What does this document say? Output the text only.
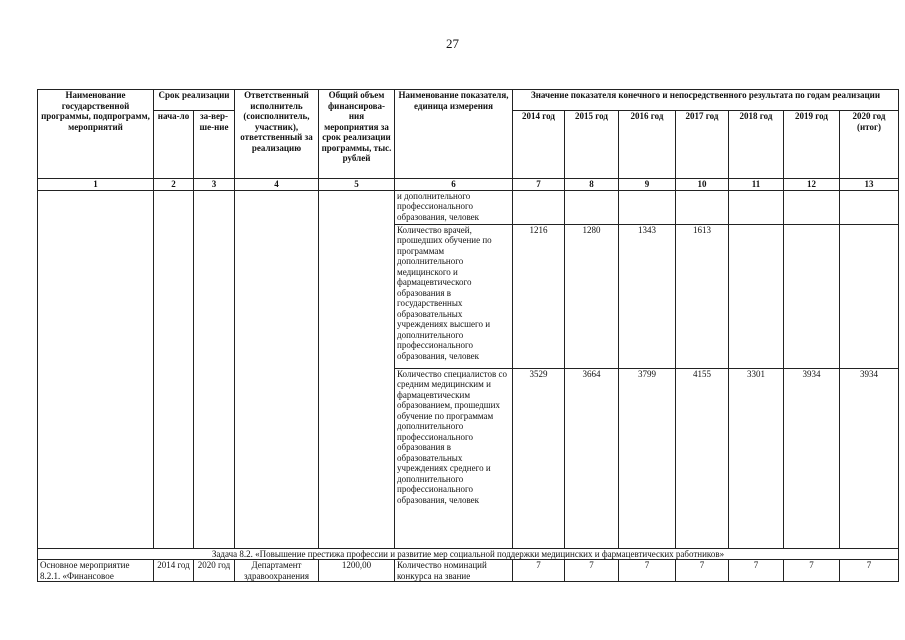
27
Наименование государственной программы, подпрограмм, мероприятий	Срок реализации		Ответственный исполнитель (соисполнитель, участник), ответственный за реализацию	Общий объем финансирова-ния мероприятия за срок реализации программы, тыс. рублей	Наименование показателя, единица измерения	Значение показателя конечного и непосредственного результата по годам реализации						
	нача-ло	за-вер-ше-ние				2014 год	2015 год	2016 год	2017 год	2018 год	2019 год	2020 год (итог)
1	2	3	4	5	6	7	8	9	10	11	12	13
					и дополнительного профессионального образования, человек							
					Количество врачей, прошедших обучение по программам дополнительного медицинского и фармацевтического образования в государственных образовательных учреждениях высшего и дополнительного профессионального образования, человек	1216	1280	1343	1613			
					Количество специалистов со средним медицинским и фармацевтическим образованием, прошедших обучение по программам дополнительного профессионального образования в образовательных учреждениях среднего и дополнительного профессионального образования, человек	3529	3664	3799	4155	3301	3934	3934
Задача 8.2. «Повышение престижа профессии и развитие мер социальной поддержки медицинских и фармацевтических работников»												
Основное мероприятие 8.2.1. «Финансовое	2014 год	2020 год	Департамент здравоохранения	1200,00	Количество номинаций конкурса на звание	7	7	7	7	7	7	7
